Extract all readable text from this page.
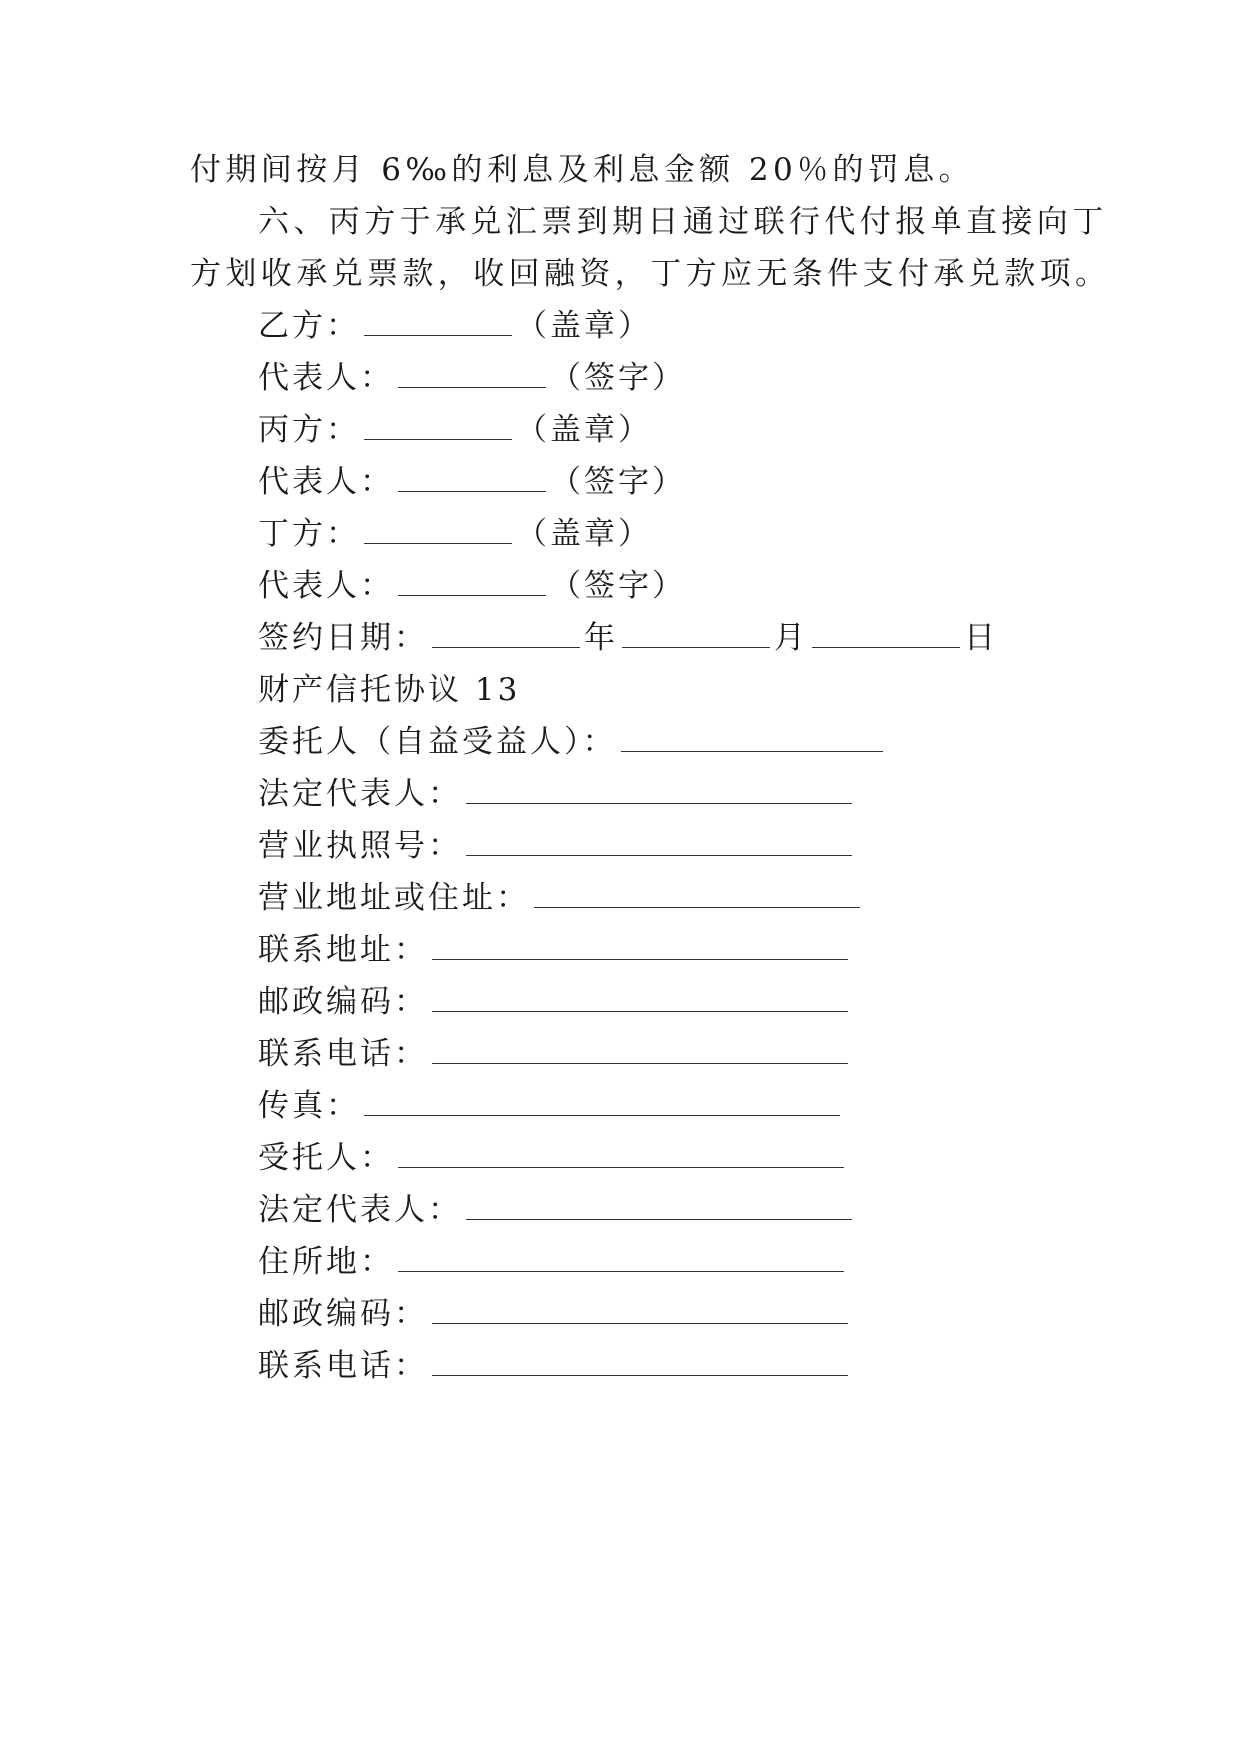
付期间按月 6‰的利息及利息金额 20％的罚息。
六、丙方于承兑汇票到期日通过联行代付报单直接向丁
方划收承兑票款，收回融资，丁方应无条件支付承兑款项。
乙方：	（盖章）
代表人：	（签字）
丙方：	（盖章）
代表人：	（签字）
丁方：	（盖章）
代表人：	（签字）
签约日期：	年	月	日
财产信托协议 13
委托人（自益受益人）：
法定代表人：
营业执照号：
营业地址或住址：
联系地址：
邮政编码：
联系电话：
传真：
受托人：
法定代表人：
住所地：
邮政编码：
联系电话：
